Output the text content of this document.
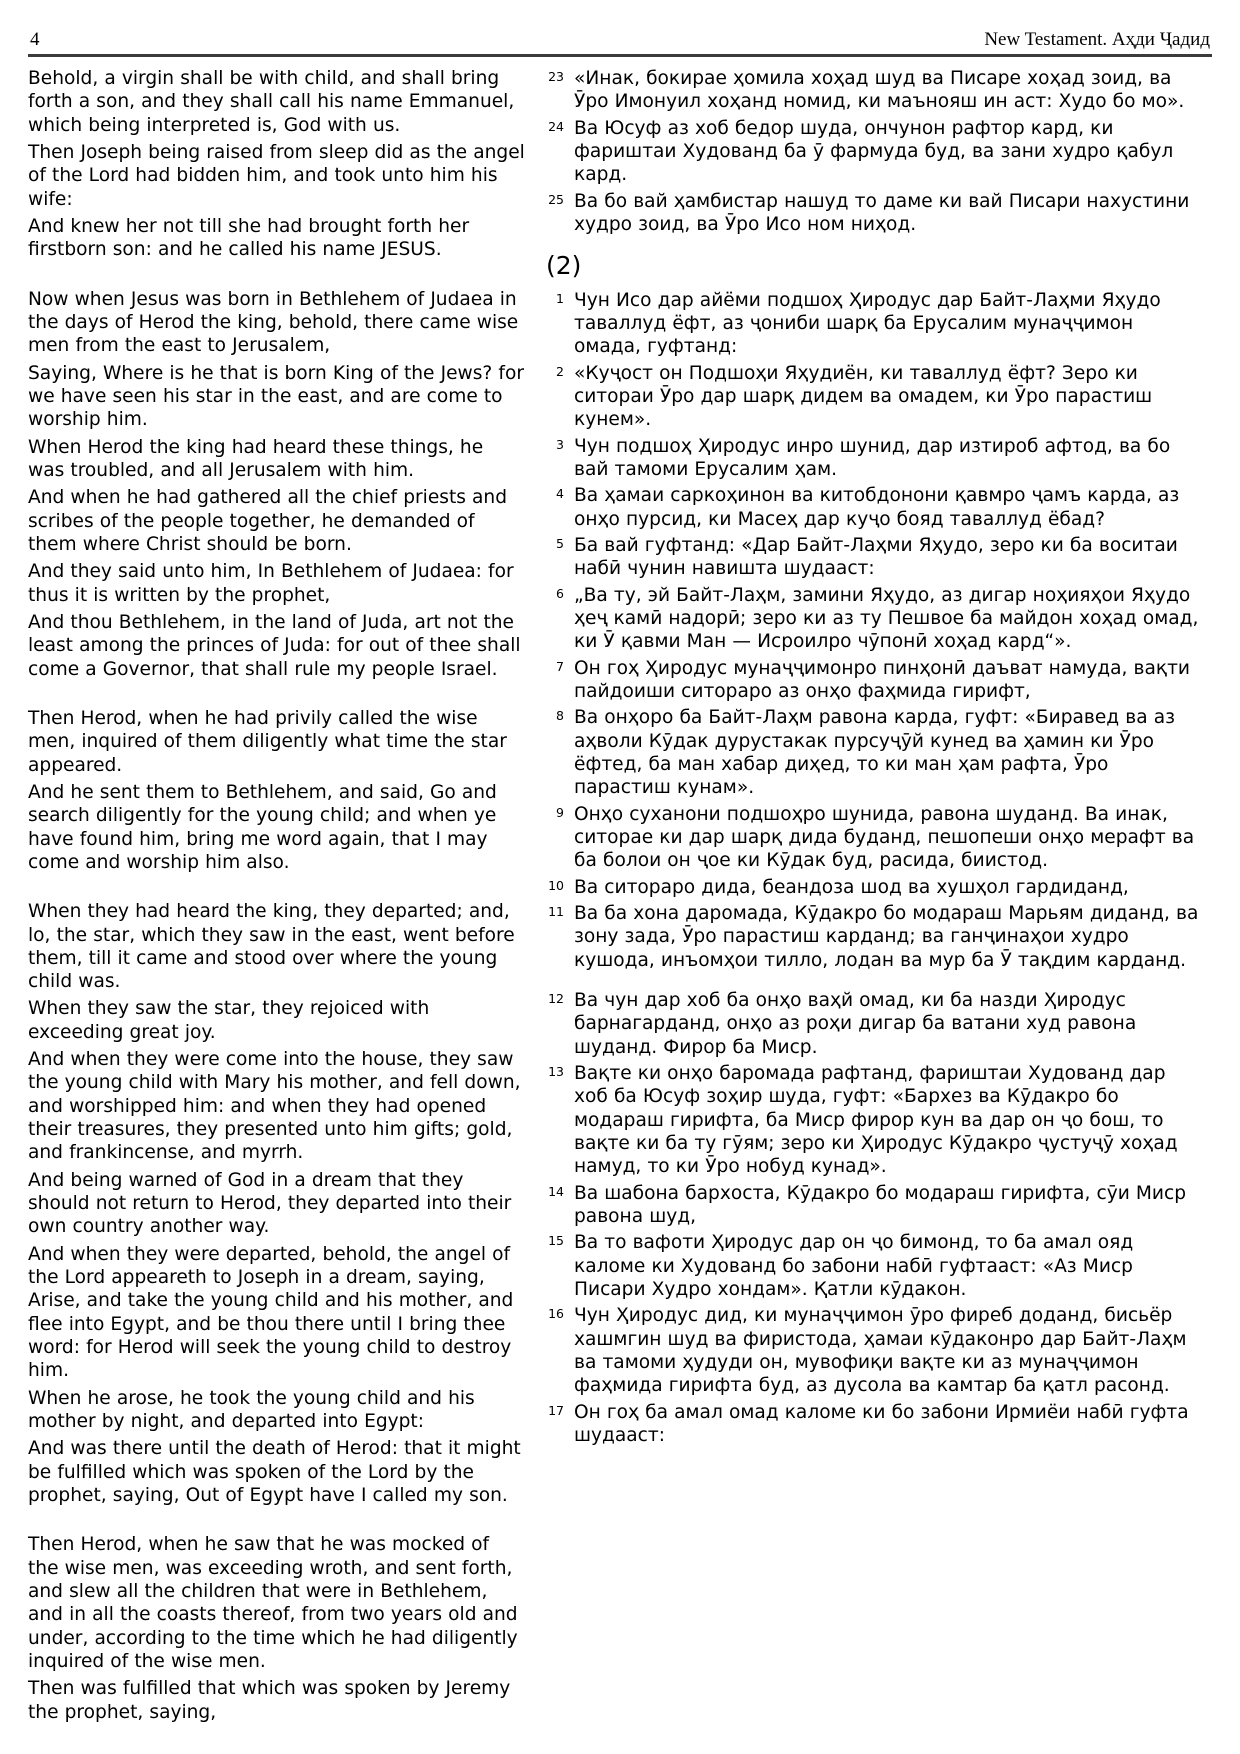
4	New Testament. Аҳди Ҷадид

Behold, a virgin shall be with child, and shall bring forth a son, and they shall call his name Emmanuel, which being interpreted is, God with us.

Then Joseph being raised from sleep did as the angel of the Lord had bidden him, and took unto him his wife:

And knew her not till she had brought forth her firstborn son: and he called his name JESUS.

Now when Jesus was born in Bethlehem of Judaea in the days of Herod the king, behold, there came wise men from the east to Jerusalem,

Saying, Where is he that is born King of the Jews? for we have seen his star in the east, and are come to worship him.

When Herod the king had heard these things, he was troubled, and all Jerusalem with him.

And when he had gathered all the chief priests and scribes of the people together, he demanded of them where Christ should be born.

And they said unto him, In Bethlehem of Judaea: for thus it is written by the prophet,

And thou Bethlehem, in the land of Juda, art not the least among the princes of Juda: for out of thee shall come a Governor, that shall rule my people Israel.

Then Herod, when he had privily called the wise men, inquired of them diligently what time the star appeared.

And he sent them to Bethlehem, and said, Go and search diligently for the young child; and when ye have found him, bring me word again, that I may come and worship him also.

When they had heard the king, they departed; and, lo, the star, which they saw in the east, went before them, till it came and stood over where the young child was.

When they saw the star, they rejoiced with exceeding great joy.

And when they were come into the house, they saw the young child with Mary his mother, and fell down, and worshipped him: and when they had opened their treasures, they presented unto him gifts; gold, and frankincense, and myrrh.

And being warned of God in a dream that they should not return to Herod, they departed into their own country another way.

And when they were departed, behold, the angel of the Lord appeareth to Joseph in a dream, saying, Arise, and take the young child and his mother, and flee into Egypt, and be thou there until I bring thee word: for Herod will seek the young child to destroy him.

When he arose, he took the young child and his mother by night, and departed into Egypt:

And was there until the death of Herod: that it might be fulfilled which was spoken of the Lord by the prophet, saying, Out of Egypt have I called my son.

Then Herod, when he saw that he was mocked of the wise men, was exceeding wroth, and sent forth, and slew all the children that were in Bethlehem, and in all the coasts thereof, from two years old and under, according to the time which he had diligently inquired of the wise men.

Then was fulfilled that which was spoken by Jeremy the prophet, saying,

23 «Инак, бокирае ҳомила хоҳад шуд ва Писаре хоҳад зоид, ва Ӯро Имонуил хоҳанд номид, ки маънояш ин аст: Худо бо мо».
24 Ва Юсуф аз хоб бедор шуда, ончунон рафтор кард, ки фариштаи Худованд ба ӯ фармуда буд, ва зани худро қабул кард.
25 Ва бо вай ҳамбистар нашуд то даме ки вай Писари нахустини худро зоид, ва Ӯро Исо ном ниҳод.
(2)
1 Чун Исо дар айёми подшоҳ Ҳиродус дар Байт-Лаҳми Яҳудо таваллуд ёфт, аз ҷониби шарқ ба Ерусалим мунаҷҷимон омада, гуфтанд:
2 «Куҷост он Подшоҳи Яҳудиён, ки таваллуд ёфт? Зеро ки ситораи Ӯро дар шарқ дидем ва омадем, ки Ӯро парастиш кунем».
3 Чун подшоҳ Ҳиродус инро шунид, дар изтироб афтод, ва бо вай тамоми Ерусалим ҳам.
4 Ва ҳамаи саркоҳинон ва китобдонони қавмро ҷамъ карда, аз онҳо пурсид, ки Масеҳ дар куҷо бояд таваллуд ёбад?
5 Ба вай гуфтанд: «Дар Байт-Лаҳми Яҳудо, зеро ки ба воситаи набӣ чунин навишта шудааст:
6 „Ва ту, эй Байт-Лаҳм, замини Яҳудо, аз дигар ноҳияҳои Яҳудо ҳеҷ камӣ надорӣ; зеро ки аз ту Пешвое ба майдон хоҳад омад, ки Ӯ қавми Ман — Исроилро чӯпонӣ хоҳад кард“».
7 Он гоҳ Ҳиродус мунаҷҷимонро пинҳонӣ даъват намуда, вақти пайдоиши ситораро аз онҳо фаҳмида гирифт,
8 Ва онҳоро ба Байт-Лаҳм равона карда, гуфт: «Биравед ва аз аҳволи Кӯдак дурустакак пурсуҷӯй кунед ва ҳамин ки Ӯро ёфтед, ба ман хабар диҳед, то ки ман ҳам рафта, Ӯро парастиш кунам».
9 Онҳо суханони подшоҳро шунида, равона шуданд. Ва инак, ситорае ки дар шарқ дида буданд, пешопеши онҳо мерафт ва ба болои он ҷое ки Кӯдак буд, расида, биистод.
10 Ва ситораро дида, беандоза шод ва хушҳол гардиданд,
11 Ва ба хона даромада, Кӯдакро бо модараш Марьям диданд, ва зону зада, Ӯро парастиш карданд; ва ганҷинаҳои худро кушода, инъомҳои тилло, лодан ва мур ба Ӯ тақдим карданд.
12 Ва чун дар хоб ба онҳо ваҳй омад, ки ба назди Ҳиродус барнагарданд, онҳо аз роҳи дигар ба ватани худ равона шуданд. Фирор ба Миср.
13 Вақте ки онҳо баромада рафтанд, фариштаи Худованд дар хоб ба Юсуф зоҳир шуда, гуфт: «Бархез ва Кӯдакро бо модараш гирифта, ба Миср фирор кун ва дар он ҷо бош, то вақте ки ба ту гӯям; зеро ки Ҳиродус Кӯдакро ҷустуҷӯ хоҳад намуд, то ки Ӯро нобуд кунад».
14 Ва шабона бархоста, Кӯдакро бо модараш гирифта, сӯи Миср равона шуд,
15 Ва то вафоти Ҳиродус дар он ҷо бимонд, то ба амал ояд каломе ки Худованд бо забони набӣ гуфтааст: «Аз Миср Писари Худро хондам». Қатли кӯдакон.
16 Чун Ҳиродус дид, ки мунаҷҷимон ӯро фиреб доданд, бисьёр хашмгин шуд ва фиристода, ҳамаи кӯдаконро дар Байт-Лаҳм ва тамоми ҳудуди он, мувофиқи вақте ки аз мунаҷҷимон фаҳмида гирифта буд, аз дусола ва камтар ба қатл расонд.
17 Он гоҳ ба амал омад каломе ки бо забони Ирмиёи набӣ гуфта шудааст:
